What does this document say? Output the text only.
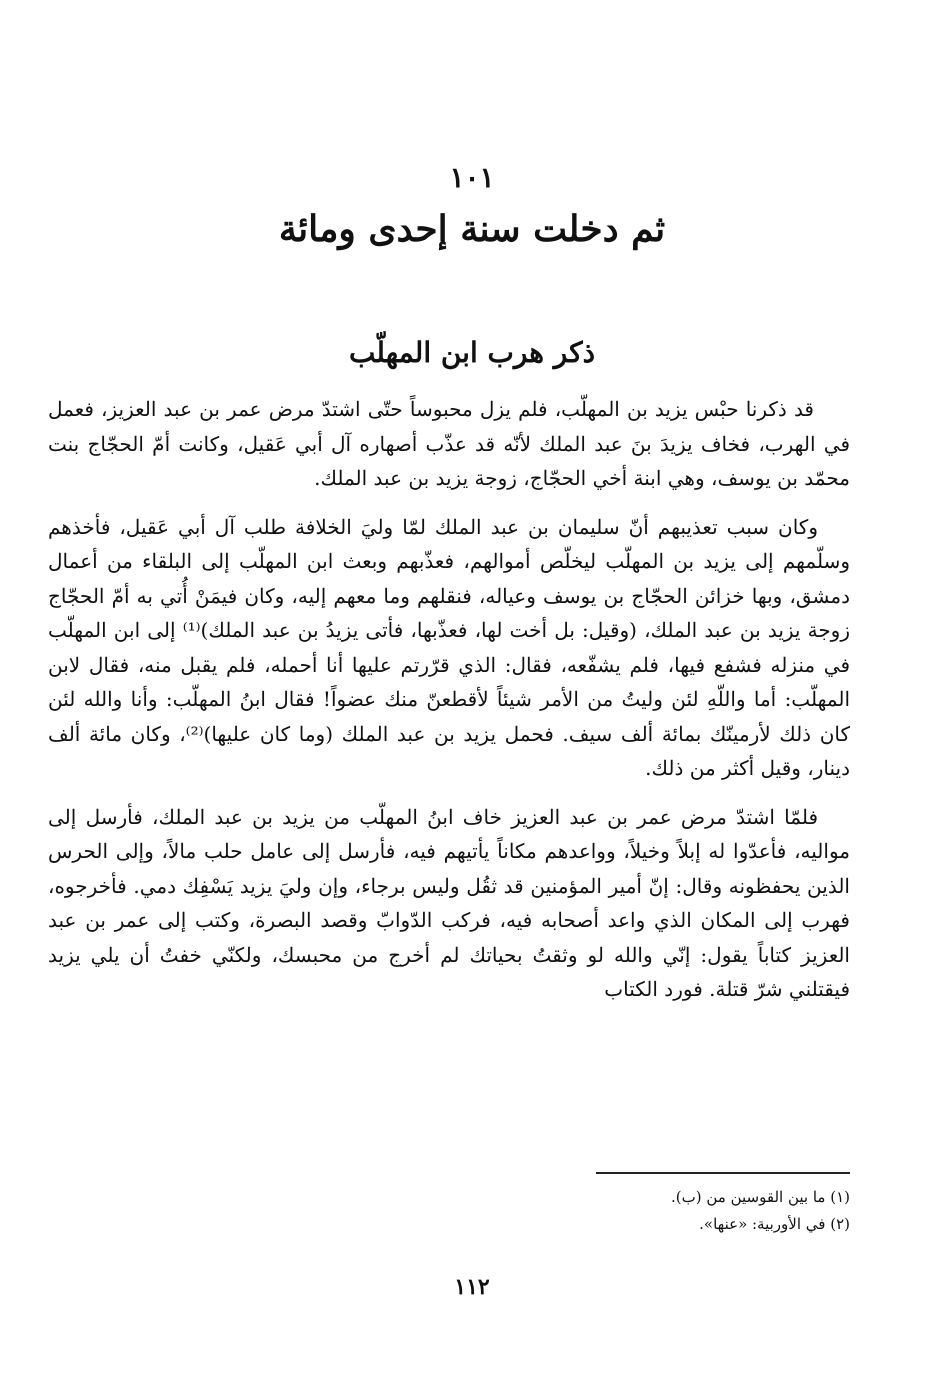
١٠١
ثم دخلت سنة إحدى ومائة
ذكر هرب ابن المهلّب

قد ذكرنا حبْس يزيد بن المهلّب، فلم يزل محبوساً حتّى اشتدّ مرض عمر بن عبد العزيز، فعمل في الهرب، فخاف يزيدَ بنَ عبد الملك لأنّه قد عذّب أصهاره آل أبي عَقيل، وكانت أمّ الحجّاج بنت محمّد بن يوسف، وهي ابنة أخي الحجّاج، زوجة يزيد بن عبد الملك.

وكان سبب تعذيبهم أنّ سليمان بن عبد الملك لمّا وليَ الخلافة طلب آل أبي عَقيل، فأخذهم وسلّمهم إلى يزيد بن المهلّب ليخلّص أموالهم، فعذّبهم وبعث ابن المهلّب إلى البلقاء من أعمال دمشق، وبها خزائن الحجّاج بن يوسف وعياله، فنقلهم وما معهم إليه، وكان فيمَنْ أُتي به أمّ الحجّاج زوجة يزيد بن عبد الملك، (وقيل: بل أخت لها، فعذّبها، فأتى يزيدُ بن عبد الملك)⁽¹⁾ إلى ابن المهلّب في منزله فشفع فيها، فلم يشفّعه، فقال: الذي قرّرتم عليها أنا أحمله، فلم يقبل منه، فقال لابن المهلّب: أما واللّهِ لئن وليتُ من الأمر شيئاً لأقطعنّ منك عضواً! فقال ابنُ المهلّب: وأنا والله لئن كان ذلك لأرمينّك بمائة ألف سيف. فحمل يزيد بن عبد الملك (وما كان عليها)⁽²⁾، وكان مائة ألف دينار، وقيل أكثر من ذلك.

فلمّا اشتدّ مرض عمر بن عبد العزيز خاف ابنُ المهلّب من يزيد بن عبد الملك، فأرسل إلى مواليه، فأعدّوا له إبلاً وخيلاً، وواعدهم مكاناً يأتيهم فيه، فأرسل إلى عامل حلب مالاً، وإلى الحرس الذين يحفظونه وقال: إنّ أمير المؤمنين قد ثقُل وليس برجاء، وإن وليَ يزيد يَسْفِك دمي. فأخرجوه، فهرب إلى المكان الذي واعد أصحابه فيه، فركب الدّوابّ وقصد البصرة، وكتب إلى عمر بن عبد العزيز كتاباً يقول: إنّي والله لو وثقتُ بحياتك لم أخرج من محبسك، ولكنّي خفتُ أن يلي يزيد فيقتلني شرّ قتلة. فورد الكتاب

(١) ما بين القوسين من (ب).
(٢) في الأوربية: «عنها».
١١٢
